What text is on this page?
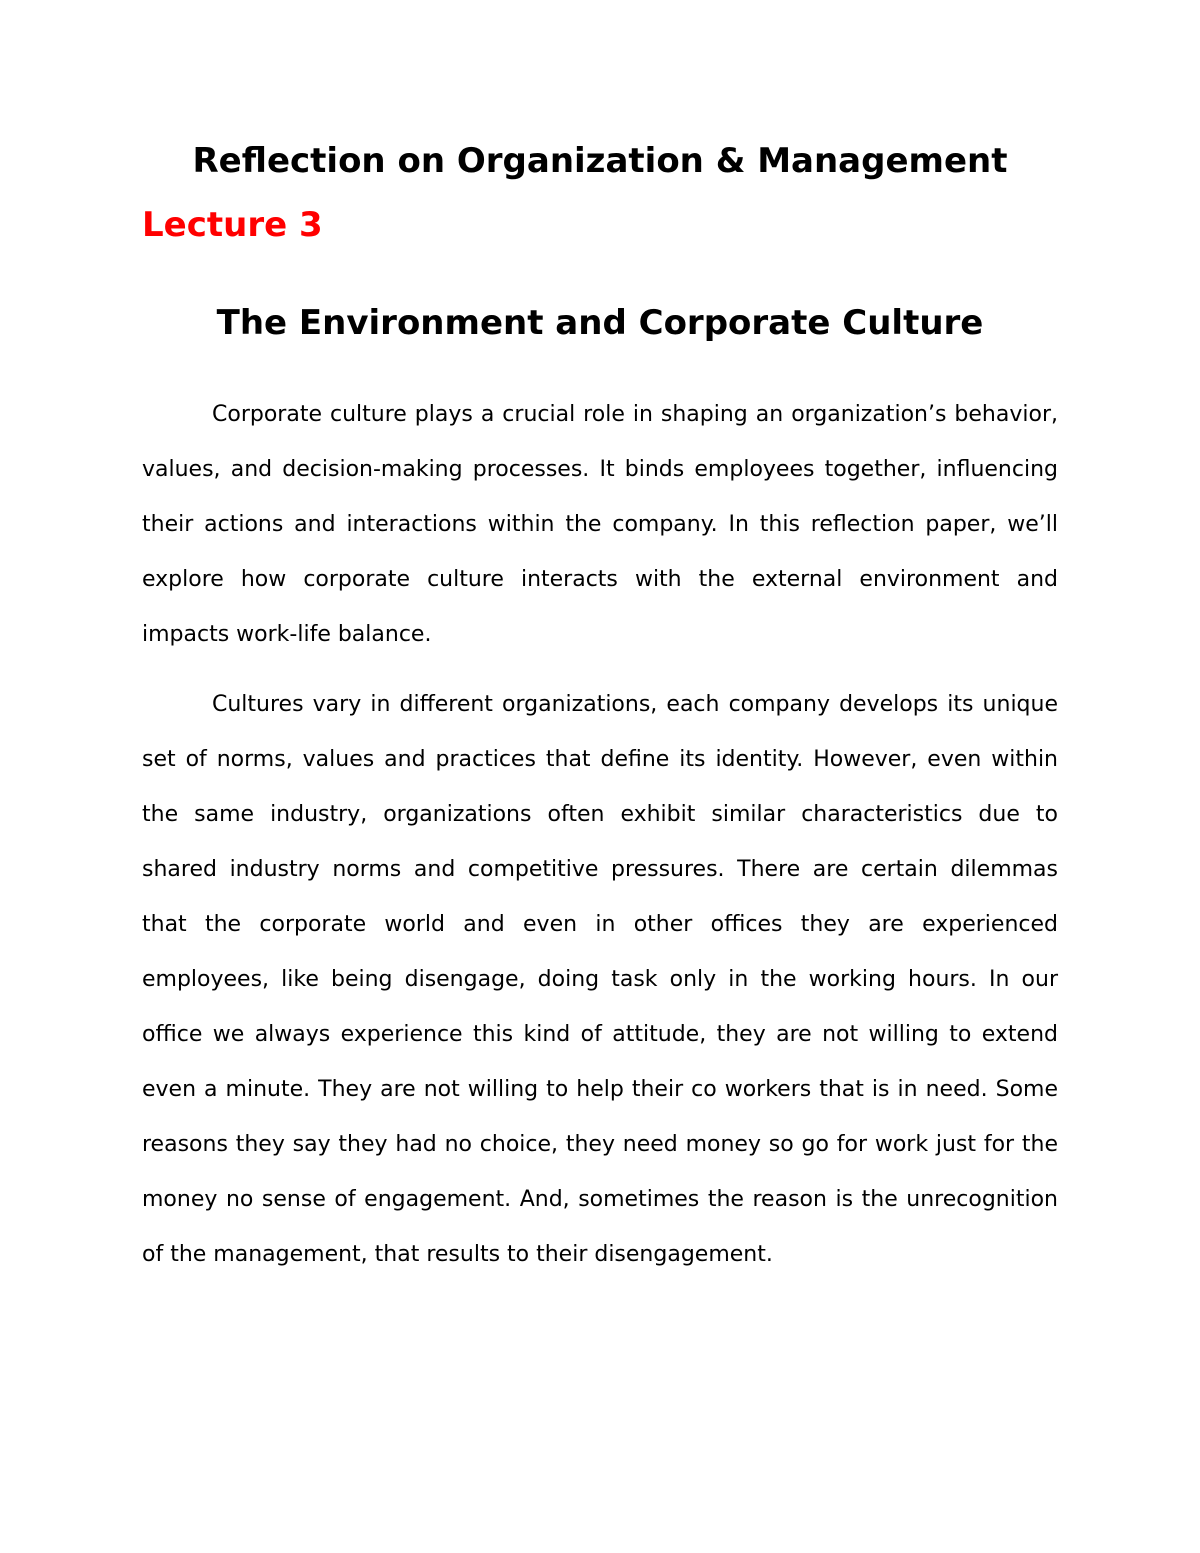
Reflection on Organization & Management
Lecture 3
The Environment and Corporate Culture

Corporate culture plays a crucial role in shaping an organization’s behavior, values, and decision-making processes. It binds employees together, influencing their actions and interactions within the company. In this reflection paper, we’ll explore how corporate culture interacts with the external environment and impacts work-life balance.

Cultures vary in different organizations, each company develops its unique set of norms, values and practices that define its identity. However, even within the same industry, organizations often exhibit similar characteristics due to shared industry norms and competitive pressures. There are certain dilemmas that the corporate world and even in other offices they are experienced employees, like being disengage, doing task only in the working hours. In our office we always experience this kind of attitude, they are not willing to extend even a minute. They are not willing to help their co workers that is in need. Some reasons they say they had no choice, they need money so go for work just for the money no sense of engagement. And, sometimes the reason is the unrecognition of the management, that results to their disengagement.
